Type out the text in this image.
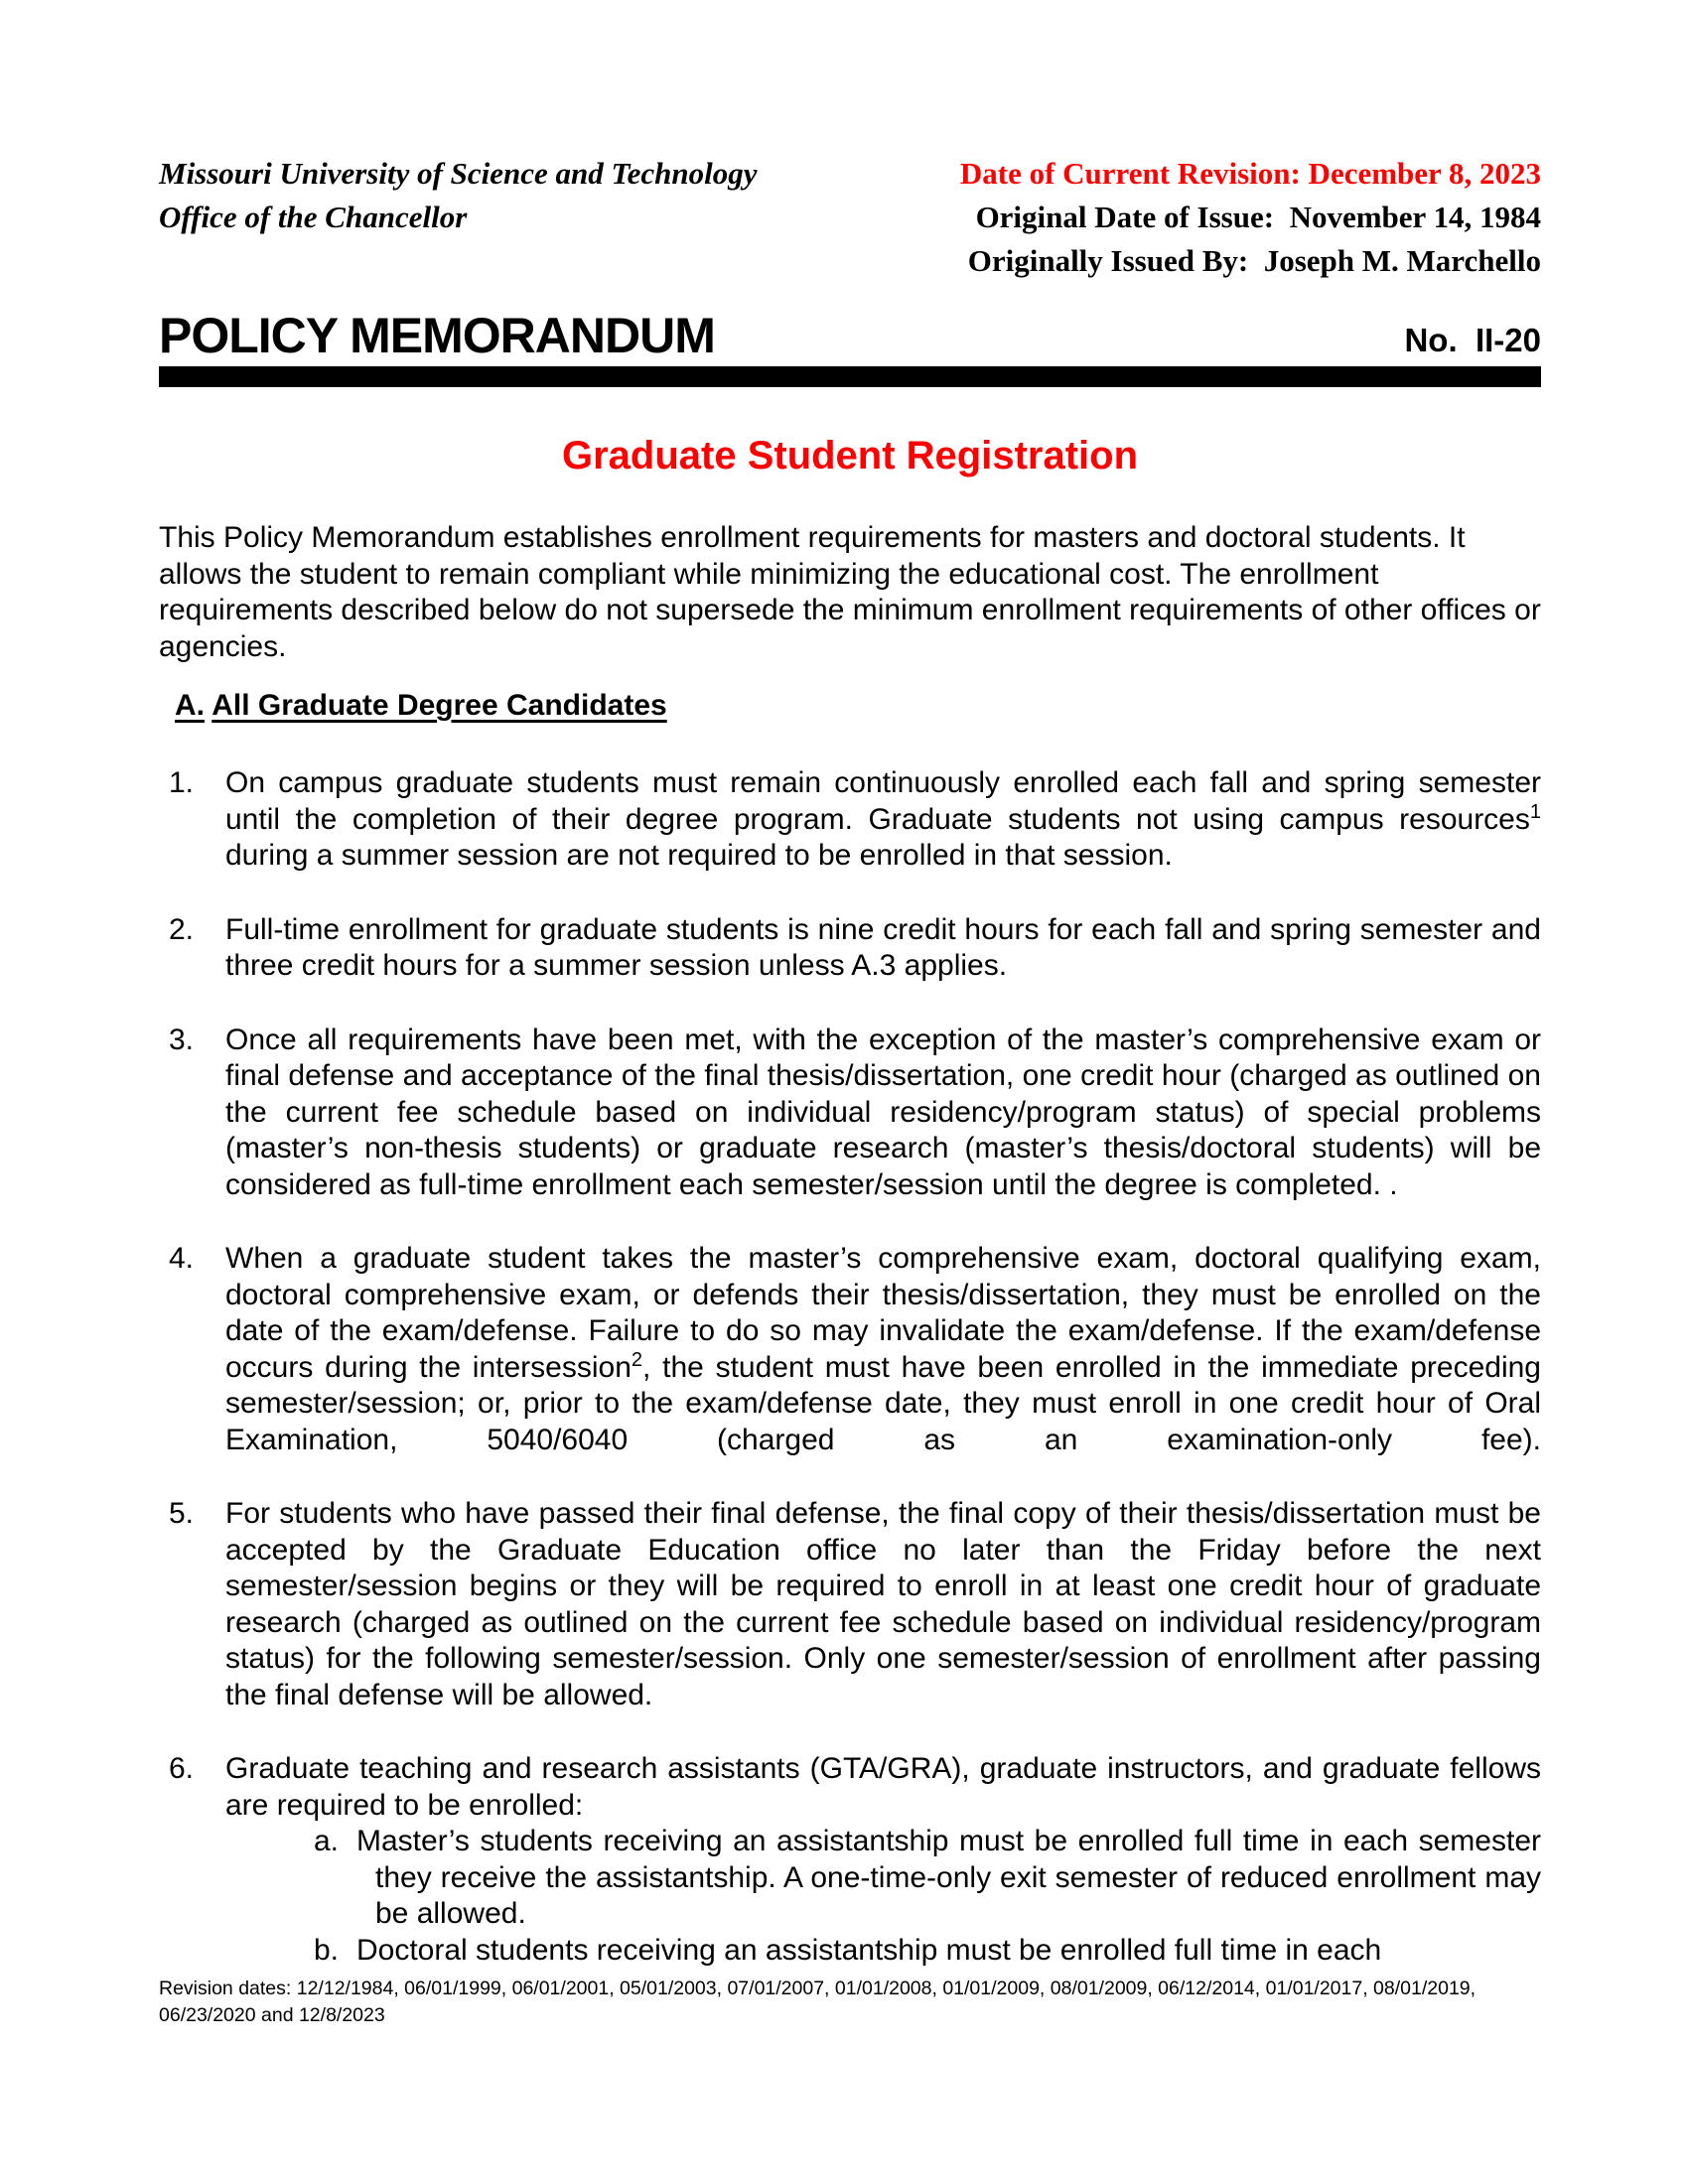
Missouri University of Science and Technology
Office of the Chancellor
Date of Current Revision: December 8, 2023
Original Date of Issue:  November 14, 1984
Originally Issued By:  Joseph M. Marchello
POLICY MEMORANDUM	No.  II-20
Graduate Student Registration
This Policy Memorandum establishes enrollment requirements for masters and doctoral students. It allows the student to remain compliant while minimizing the educational cost. The enrollment requirements described below do not supersede the minimum enrollment requirements of other offices or agencies.
A. All Graduate Degree Candidates

1. On campus graduate students must remain continuously enrolled each fall and spring semester until the completion of their degree program. Graduate students not using campus resources$^1$ during a summer session are not required to be enrolled in that session.

2. Full-time enrollment for graduate students is nine credit hours for each fall and spring semester and three credit hours for a summer session unless A.3 applies.

3. Once all requirements have been met, with the exception of the master’s comprehensive exam or final defense and acceptance of the final thesis/dissertation, one credit hour (charged as outlined on the current fee schedule based on individual residency/program status) of special problems (master’s non-thesis students) or graduate research (master’s thesis/doctoral students) will be considered as full-time enrollment each semester/session until the degree is completed. .

4. When a graduate student takes the master’s comprehensive exam, doctoral qualifying exam, doctoral comprehensive exam, or defends their thesis/dissertation, they must be enrolled on the date of the exam/defense. Failure to do so may invalidate the exam/defense. If the exam/defense occurs during the intersession$^2$, the student must have been enrolled in the immediate preceding semester/session; or, prior to the exam/defense date, they must enroll in one credit hour of Oral Examination, 5040/6040 (charged as an examination-only fee).

5. For students who have passed their final defense, the final copy of their thesis/dissertation must be accepted by the Graduate Education office no later than the Friday before the next semester/session begins or they will be required to enroll in at least one credit hour of graduate research (charged as outlined on the current fee schedule based on individual residency/program status) for the following semester/session. Only one semester/session of enrollment after passing the final defense will be allowed.

6. Graduate teaching and research assistants (GTA/GRA), graduate instructors, and graduate fellows are required to be enrolled:

a. Master’s students receiving an assistantship must be enrolled full time in each semester they receive the assistantship. A one-time-only exit semester of reduced enrollment may be allowed.

b. Doctoral students receiving an assistantship must be enrolled full time in each

Revision dates: 12/12/1984, 06/01/1999, 06/01/2001, 05/01/2003, 07/01/2007, 01/01/2008, 01/01/2009, 08/01/2009, 06/12/2014, 01/01/2017, 08/01/2019,
06/23/2020 and 12/8/2023
